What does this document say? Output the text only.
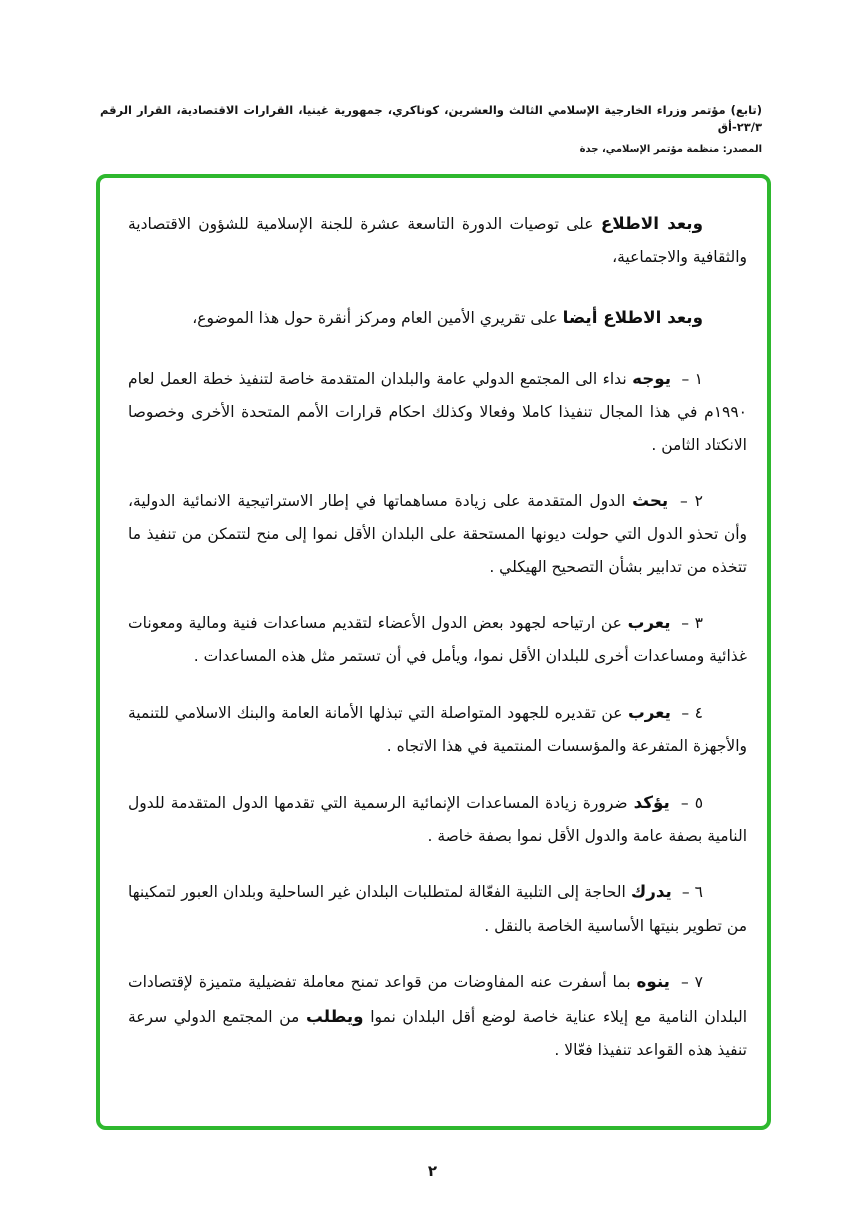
(تابع) مؤتمر وزراء الخارجية الإسلامي الثالث والعشرين، كوناكري، جمهورية غينيا، القرارات الاقتصادية، القرار الرقم ٢٣/٣-أق
المصدر: منظمة مؤتمر الإسلامي، جدة

وبعد الاطلاع على توصيات الدورة التاسعة عشرة للجنة الإسلامية للشؤون الاقتصادية والثقافية والاجتماعية،

وبعد الاطلاع أيضا على تقريري الأمين العام ومركز أنقرة حول هذا الموضوع،

١ – يوجه نداء الى المجتمع الدولي عامة والبلدان المتقدمة خاصة لتنفيذ خطة العمل لعام ١٩٩٠م في هذا المجال تنفيذا كاملا وفعالا وكذلك احكام قرارات الأمم المتحدة الأخرى وخصوصا الانكتاد الثامن .

٢ – يحث الدول المتقدمة على زيادة مساهماتها في إطار الاستراتيجية الانمائية الدولية، وأن تحذو الدول التي حولت ديونها المستحقة على البلدان الأقل نموا إلى منح لتتمكن من تنفيذ ما تتخذه من تدابير بشأن التصحيح الهيكلي .

٣ – يعرب عن ارتياحه لجهود بعض الدول الأعضاء لتقديم مساعدات فنية ومالية ومعونات غذائية ومساعدات أخرى للبلدان الأقل نموا، ويأمل في أن تستمر مثل هذه المساعدات .

٤ – يعرب عن تقديره للجهود المتواصلة التي تبذلها الأمانة العامة والبنك الاسلامي للتنمية والأجهزة المتفرعة والمؤسسات المنتمية في هذا الاتجاه .

٥ – يؤكد ضرورة زيادة المساعدات الإنمائية الرسمية التي تقدمها الدول المتقدمة للدول النامية بصفة عامة والدول الأقل نموا بصفة خاصة .

٦ – يدرك الحاجة إلى التلبية الفعّالة لمتطلبات البلدان غير الساحلية وبلدان العبور لتمكينها من تطوير بنيتها الأساسية الخاصة بالنقل .

٧ – ينوه بما أسفرت عنه المفاوضات من قواعد تمنح معاملة تفضيلية متميزة لإقتصادات البلدان النامية مع إيلاء عناية خاصة لوضع أقل البلدان نموا ويطلب من المجتمع الدولي سرعة تنفيذ هذه القواعد تنفيذا فعّالا .

٢
